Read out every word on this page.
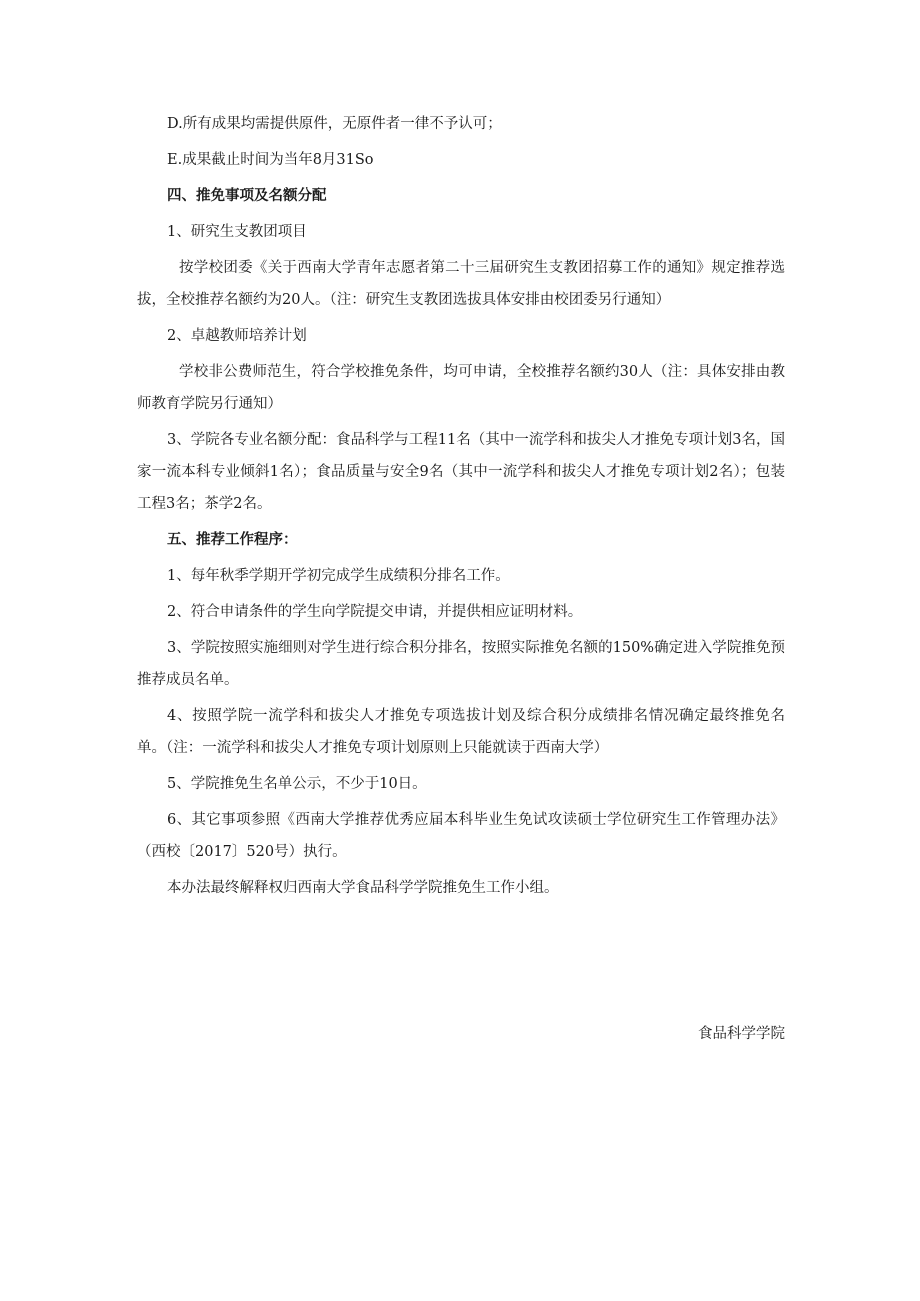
D.所有成果均需提供原件，无原件者一律不予认可；

E.成果截止时间为当年8月31So

四、推免事项及名额分配

1、研究生支教团项目

按学校团委《关于西南大学青年志愿者第二十三届研究生支教团招募工作的通知》规定推荐选拔，全校推荐名额约为20人。（注：研究生支教团选拔具体安排由校团委另行通知）

2、卓越教师培养计划

学校非公费师范生，符合学校推免条件，均可申请，全校推荐名额约30人（注：具体安排由教师教育学院另行通知）

3、学院各专业名额分配：食品科学与工程11名（其中一流学科和拔尖人才推免专项计划3名，国家一流本科专业倾斜1名）；食品质量与安全9名（其中一流学科和拔尖人才推免专项计划2名）；包装工程3名；茶学2名。

五、推荐工作程序：

1、每年秋季学期开学初完成学生成绩积分排名工作。

2、符合申请条件的学生向学院提交申请，并提供相应证明材料。

3、学院按照实施细则对学生进行综合积分排名，按照实际推免名额的150%确定进入学院推免预推荐成员名单。

4、按照学院一流学科和拔尖人才推免专项选拔计划及综合积分成绩排名情况确定最终推免名单。（注：一流学科和拔尖人才推免专项计划原则上只能就读于西南大学）

5、学院推免生名单公示，不少于10日。

6、其它事项参照《西南大学推荐优秀应届本科毕业生免试攻读硕士学位研究生工作管理办法》（西校〔2017〕520号）执行。

本办法最终解释权归西南大学食品科学学院推免生工作小组。

食品科学学院
